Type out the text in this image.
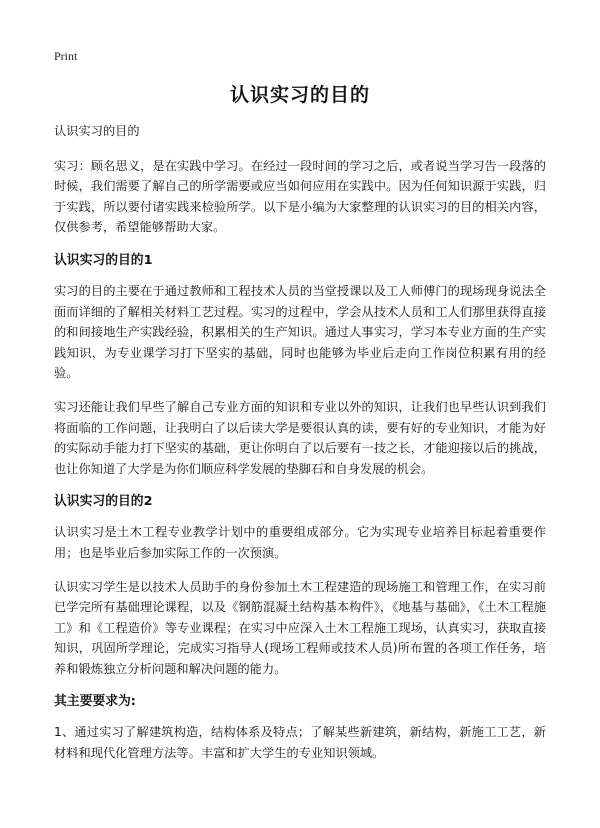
Print
认识实习的目的

认识实习的目的

实习：顾名思义，是在实践中学习。在经过一段时间的学习之后，或者说当学习告一段落的时候，我们需要了解自己的所学需要或应当如何应用在实践中。因为任何知识源于实践，归于实践，所以要付诸实践来检验所学。以下是小编为大家整理的认识实习的目的相关内容，仅供参考，希望能够帮助大家。

认识实习的目的1

实习的目的主要在于通过教师和工程技术人员的当堂授课以及工人师傅门的现场现身说法全面而详细的了解相关材料工艺过程。实习的过程中，学会从技术人员和工人们那里获得直接的和间接地生产实践经验，积累相关的生产知识。通过人事实习，学习本专业方面的生产实践知识，为专业课学习打下坚实的基础，同时也能够为毕业后走向工作岗位积累有用的经验。

实习还能让我们早些了解自己专业方面的知识和专业以外的知识，让我们也早些认识到我们将面临的工作问题，让我明白了以后读大学是要很认真的读，要有好的专业知识，才能为好的实际动手能力打下坚实的基础，更让你明白了以后要有一技之长，才能迎接以后的挑战，也让你知道了大学是为你们顺应科学发展的垫脚石和自身发展的机会。

认识实习的目的2

认识实习是土木工程专业教学计划中的重要组成部分。它为实现专业培养目标起着重要作用；也是毕业后参加实际工作的一次预演。

认识实习学生是以技术人员助手的身份参加土木工程建造的现场施工和管理工作，在实习前已学完所有基础理论课程，以及《钢筋混凝土结构基本构件》，《地基与基础》，《土木工程施工》和《工程造价》等专业课程；在实习中应深入土木工程施工现场，认真实习，获取直接知识，巩固所学理论，完成实习指导人(现场工程师或技术人员)所布置的各项工作任务，培养和锻炼独立分析问题和解决问题的能力。

其主要要求为:

1、通过实习了解建筑构造，结构体系及特点；了解某些新建筑，新结构，新施工工艺，新材料和现代化管理方法等。丰富和扩大学生的专业知识领域。
